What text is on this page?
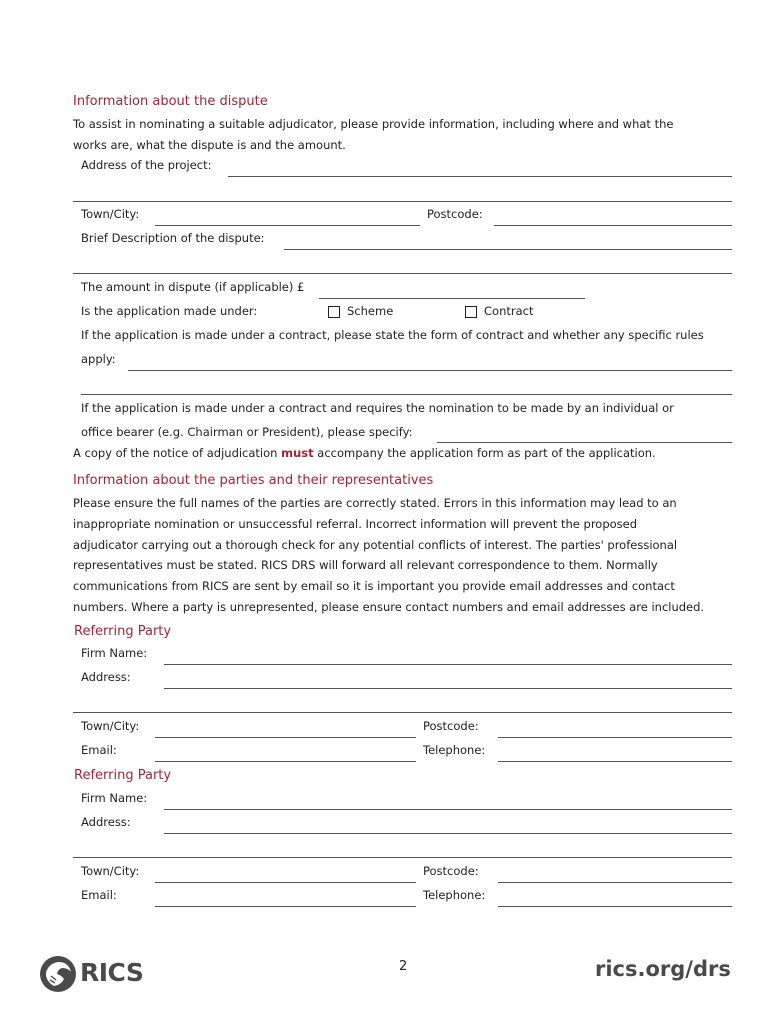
Information about the dispute
To assist in nominating a suitable adjudicator, please provide information, including where and what the
works are, what the dispute is and the amount.
Address of the project:
Town/City:	Postcode:
Brief Description of the dispute:
The amount in dispute (if applicable) £
Is the application made under:	Scheme	Contract
If the application is made under a contract, please state the form of contract and whether any specific rules
apply:
If the application is made under a contract and requires the nomination to be made by an individual or
office bearer (e.g. Chairman or President), please specify:
A copy of the notice of adjudication must accompany the application form as part of the application.
Information about the parties and their representatives
Please ensure the full names of the parties are correctly stated. Errors in this information may lead to an
inappropriate nomination or unsuccessful referral. Incorrect information will prevent the proposed
adjudicator carrying out a thorough check for any potential conflicts of interest. The parties' professional
representatives must be stated. RICS DRS will forward all relevant correspondence to them. Normally
communications from RICS are sent by email so it is important you provide email addresses and contact
numbers. Where a party is unrepresented, please ensure contact numbers and email addresses are included.
Referring Party
Firm Name:
Address:
Town/City:	Postcode:
Email:	Telephone:
Referring Party
Firm Name:
Address:
Town/City:	Postcode:
Email:	Telephone:
RICS	2	rics.org/drs
